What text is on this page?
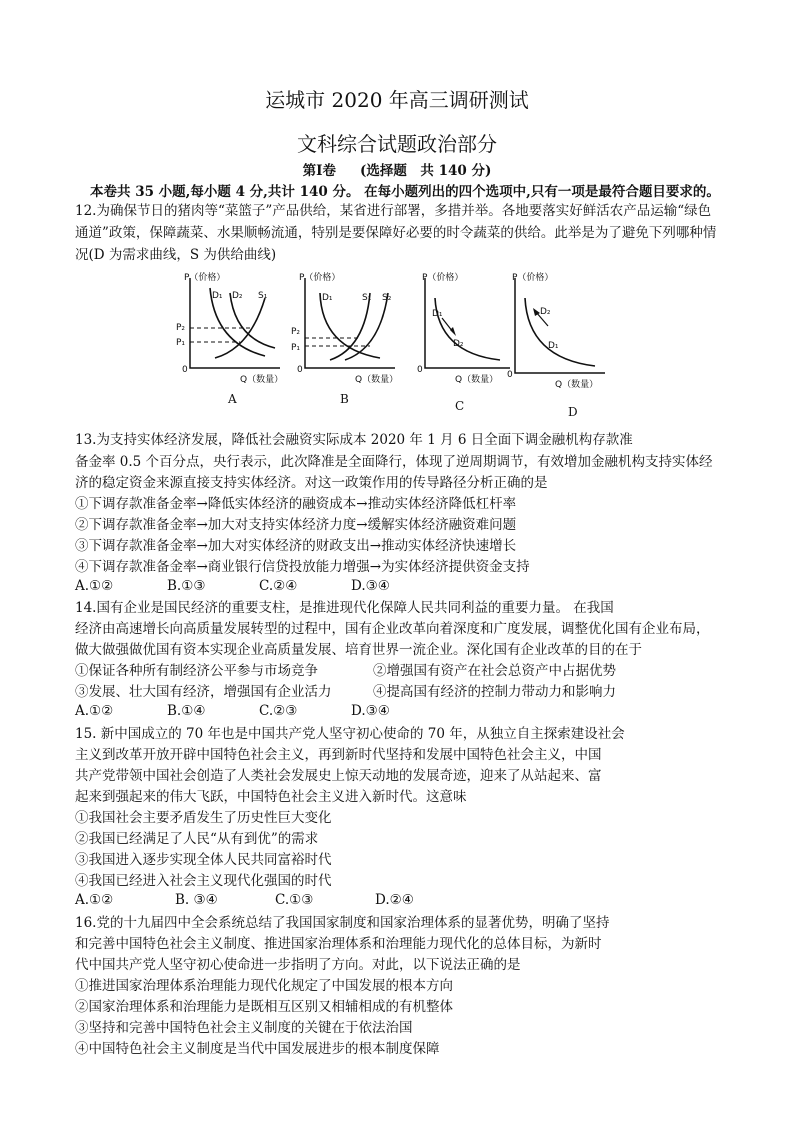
运城市 2020 年高三调研测试
文科综合试题政治部分
第Ⅰ卷 (选择题　共 140 分)
本卷共 35 小题,每小题 4 分,共计 140 分。 在每小题列出的四个选项中,只有一项是最符合题目要求的。
12.为确保节日的猪肉等“菜篮子”产品供给，某省进行部署，多措并举。各地要落实好鲜活农产品运输“绿色
通道”政策，保障蔬菜、水果顺畅流通，特别是要保障好必要的时令蔬菜的供给。此举是为了避免下列哪种情
况(D 为需求曲线，S 为供给曲线)
P（价格）
Q（数量）
0
D₁ D₂ S₁
P₂
P₁
A
P（价格）
Q（数量）
0
D₁	S₁ S₂
P₂
P₁
B
P（价格）
Q（数量）
0
D₁
D₂
C
P（价格）
Q（数量）
0
D₂
D₁
D
13.为支持实体经济发展，降低社会融资实际成本 2020 年 1 月 6 日全面下调金融机构存款准
备金率 0.5 个百分点，央行表示，此次降准是全面降行，体现了逆周期调节，有效增加金融机构支持实体经
济的稳定资金来源直接支持实体经济。对这一政策作用的传导路径分析正确的是
①下调存款准备金率→降低实体经济的融资成本→推动实体经济降低杠杆率
②下调存款准备金率→加大对支持实体经济力度→缓解实体经济融资难问题
③下调存款准备金率→加大对实体经济的财政支出→推动实体经济快速增长
④下调存款准备金率→商业银行信贷投放能力增强→为实体经济提供资金支持
A.①②	B.①③	C.②④	D.③④
14.国有企业是国民经济的重要支柱，是推进现代化保障人民共同利益的重要力量。 在我国
经济由高速增长向高质量发展转型的过程中，国有企业改革向着深度和广度发展，调整优化国有企业布局，
做大做强做优国有资本实现企业高质量发展、培育世界一流企业。深化国有企业改革的目的在于
①保证各种所有制经济公平参与市场竞争	②增强国有资产在社会总资产中占据优势
③发展、壮大国有经济，增强国有企业活力	④提高国有经济的控制力带动力和影响力
A.①②	B.①④	C.②③	D.③④
15. 新中国成立的 70 年也是中国共产党人坚守初心使命的 70 年，从独立自主探索建设社会
主义到改革开放开辟中国特色社会主义，再到新时代坚持和发展中国特色社会主义，中国
共产党带领中国社会创造了人类社会发展史上惊天动地的发展奇迹，迎来了从站起来、富
起来到强起来的伟大飞跃，中国特色社会主义进入新时代。这意味
①我国社会主要矛盾发生了历史性巨大变化
②我国已经满足了人民“从有到优”的需求
③我国进入逐步实现全体人民共同富裕时代
④我国已经进入社会主义现代化强国的时代
A.①②	B. ③④	C.①③	D.②④
16.党的十九届四中全会系统总结了我国国家制度和国家治理体系的显著优势，明确了坚持
和完善中国特色社会主义制度、推进国家治理体系和治理能力现代化的总体目标，为新时
代中国共产党人坚守初心使命进一步指明了方向。对此，以下说法正确的是
①推进国家治理体系治理能力现代化规定了中国发展的根本方向
②国家治理体系和治理能力是既相互区别又相辅相成的有机整体
③坚持和完善中国特色社会主义制度的关键在于依法治国
④中国特色社会主义制度是当代中国发展进步的根本制度保障
